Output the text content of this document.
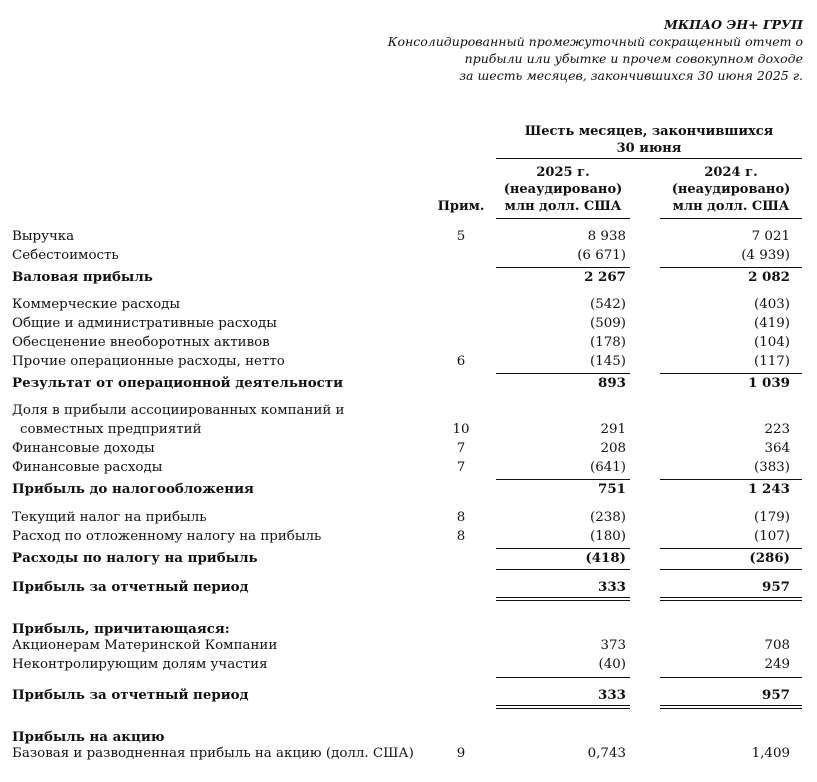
МКПАО ЭН+ ГРУП
Консолидированный промежуточный сокращенный отчет о
прибыли или убытке и прочем совокупном доходе
за шесть месяцев, закончившихся 30 июня 2025 г.
Шесть месяцев, закончившихся
30 июня
2025 г.
(неаудировано)
млн долл. США
2024 г.
(неаудировано)
млн долл. США
Прим.
Выручка	5	8 938	7 021
Себестоимость	(6 671)	(4 939)
Валовая прибыль	2 267	2 082
Коммерческие расходы	(542)	(403)
Общие и административные расходы	(509)	(419)
Обесценение внеоборотных активов	(178)	(104)
Прочие операционные расходы, нетто	6	(145)	(117)
Результат от операционной деятельности	893	1 039
Доля в прибыли ассоциированных компаний и
совместных предприятий	10	291	223
Финансовые доходы	7	208	364
Финансовые расходы	7	(641)	(383)
Прибыль до налогообложения	751	1 243
Текущий налог на прибыль	8	(238)	(179)
Расход по отложенному налогу на прибыль	8	(180)	(107)
Расходы по налогу на прибыль	(418)	(286)
Прибыль за отчетный период	333	957
Прибыль, причитающаяся:
Акционерам Материнской Компании	373	708
Неконтролирующим долям участия	(40)	249
Прибыль за отчетный период	333	957
Прибыль на акцию
Базовая и разводненная прибыль на акцию (долл. США)	9	0,743	1,409
